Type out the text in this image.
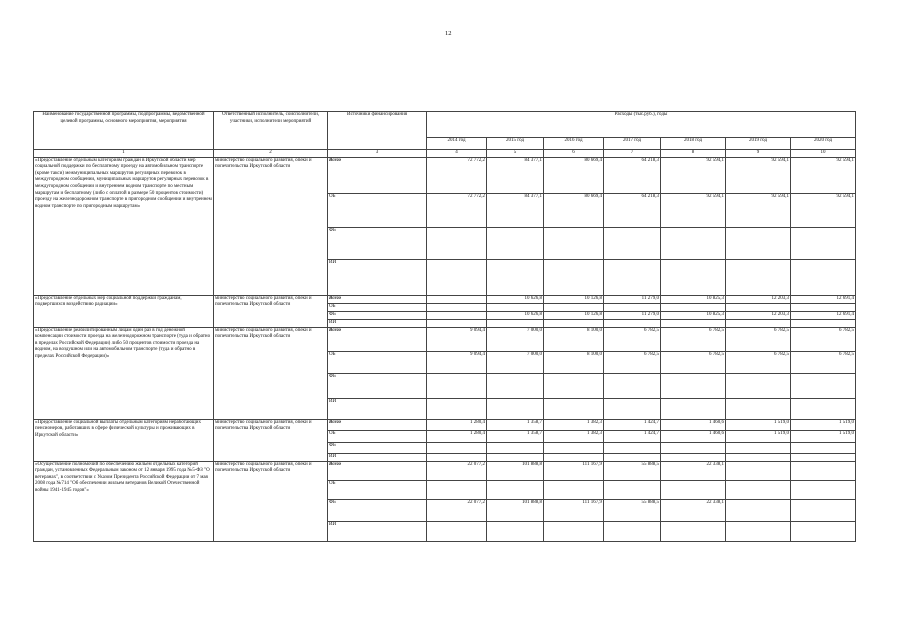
12
Наименование государственной программы, подпрограммы, ведомственной целевой программы, основного мероприятия, мероприятия	Ответственный исполнитель, соисполнители, участники, исполнители мероприятий	Источники финансирования	Расходы (тыс.руб.), годы						
			2014 год	2015 год	2016 год	2017 год	2018 год	2019 год	2020 год
1	2	3	4	5	6	7	8	9	10
«Предоставление отдельным категориям граждан в Иркутской области мер социальной поддержки по бесплатному проезду на автомобильном транспорте (кроме такси) межмуниципальных маршрутов регулярных перевозок в междугородном сообщении, муниципальных маршрутов регулярных перевозок в междугородном сообщении и внутреннем водном транспорте по местным маршрутам и бесплатному (либо с оплатой в размере 50 процентов стоимости) проезду на железнодорожном транспорте в пригородном сообщении и внутреннем водном транспорте по пригородным маршрутам»	министерство социального развития, опеки и попечительства Иркутской области	Всего	72 772,2	84 377,1	80 669,4	64 218,3	92 594,1	92 594,1	92 594,1
		ОБ	72 772,2	84 377,1	80 669,4	64 218,3	92 594,1	92 594,1	92 594,1
		ФБ							
		ИИ							
«Предоставление отдельных мер социальной поддержки гражданам, подвергшихся воздействию радиации»	министерство социального развития, опеки и попечительства Иркутской области	Всего		10 626,8	10 126,8	11 279,0	10 825,3	12 203,3	12 691,4
		ОБ							
		ФБ		10 626,8	10 126,8	11 279,0	10 825,3	12 203,3	12 691,4
		ИИ							
«Предоставление реабилитированным лицам один раз в год денежной компенсации стоимости проезда на железнодорожном транспорте (туда и обратно в пределах Российской Федерации) либо 50 процентов стоимости проезда на водном, на воздушном или на автомобильном транспорте (туда и обратно в пределах Российской Федерации)»	министерство социального развития, опеки и попечительства Иркутской области	Всего	9 094,4	7 000,0	8 100,0	6 782,5	6 782,5	6 782,5	6 782,5
		ОБ	9 094,4	7 000,0	8 100,0	6 782,5	6 782,5	6 782,5	6 782,5
		ФБ							
		ИИ							
«Предоставление социальной выплаты отдельным категориям неработающих пенсионеров, работавших в сфере физической культуры и проживающих в Иркутской области»	министерство социального развития, опеки и попечительства Иркутской области	Всего	1 280,4	1 358,7	1 382,3	1 424,7	1 460,6	1 519,0	1 519,0
		ОБ	1 280,4	1 358,7	1 382,3	1 424,7	1 460,6	1 519,0	1 519,0
		ФБ							
		ИИ							
«Осуществление полномочий по обеспечению жильем отдельных категорий граждан, установленных Федеральным законом от 12 января 1995 года №5-ФЗ "О ветеранах", в соответствии с Указом Президента Российской Федерации от 7 мая 2008 года №714 "Об обеспечении жильем ветеранов Великой Отечественной войны 1941-1945 годов"»	министерство социального развития, опеки и попечительства Иркутской области	Всего	22 077,2	101 888,8	111 167,9	55 888,5	22 338,1		
		ОБ							
		ФБ	22 077,2	101 888,8	111 167,9	55 888,5	22 338,1		
		ИИ							
